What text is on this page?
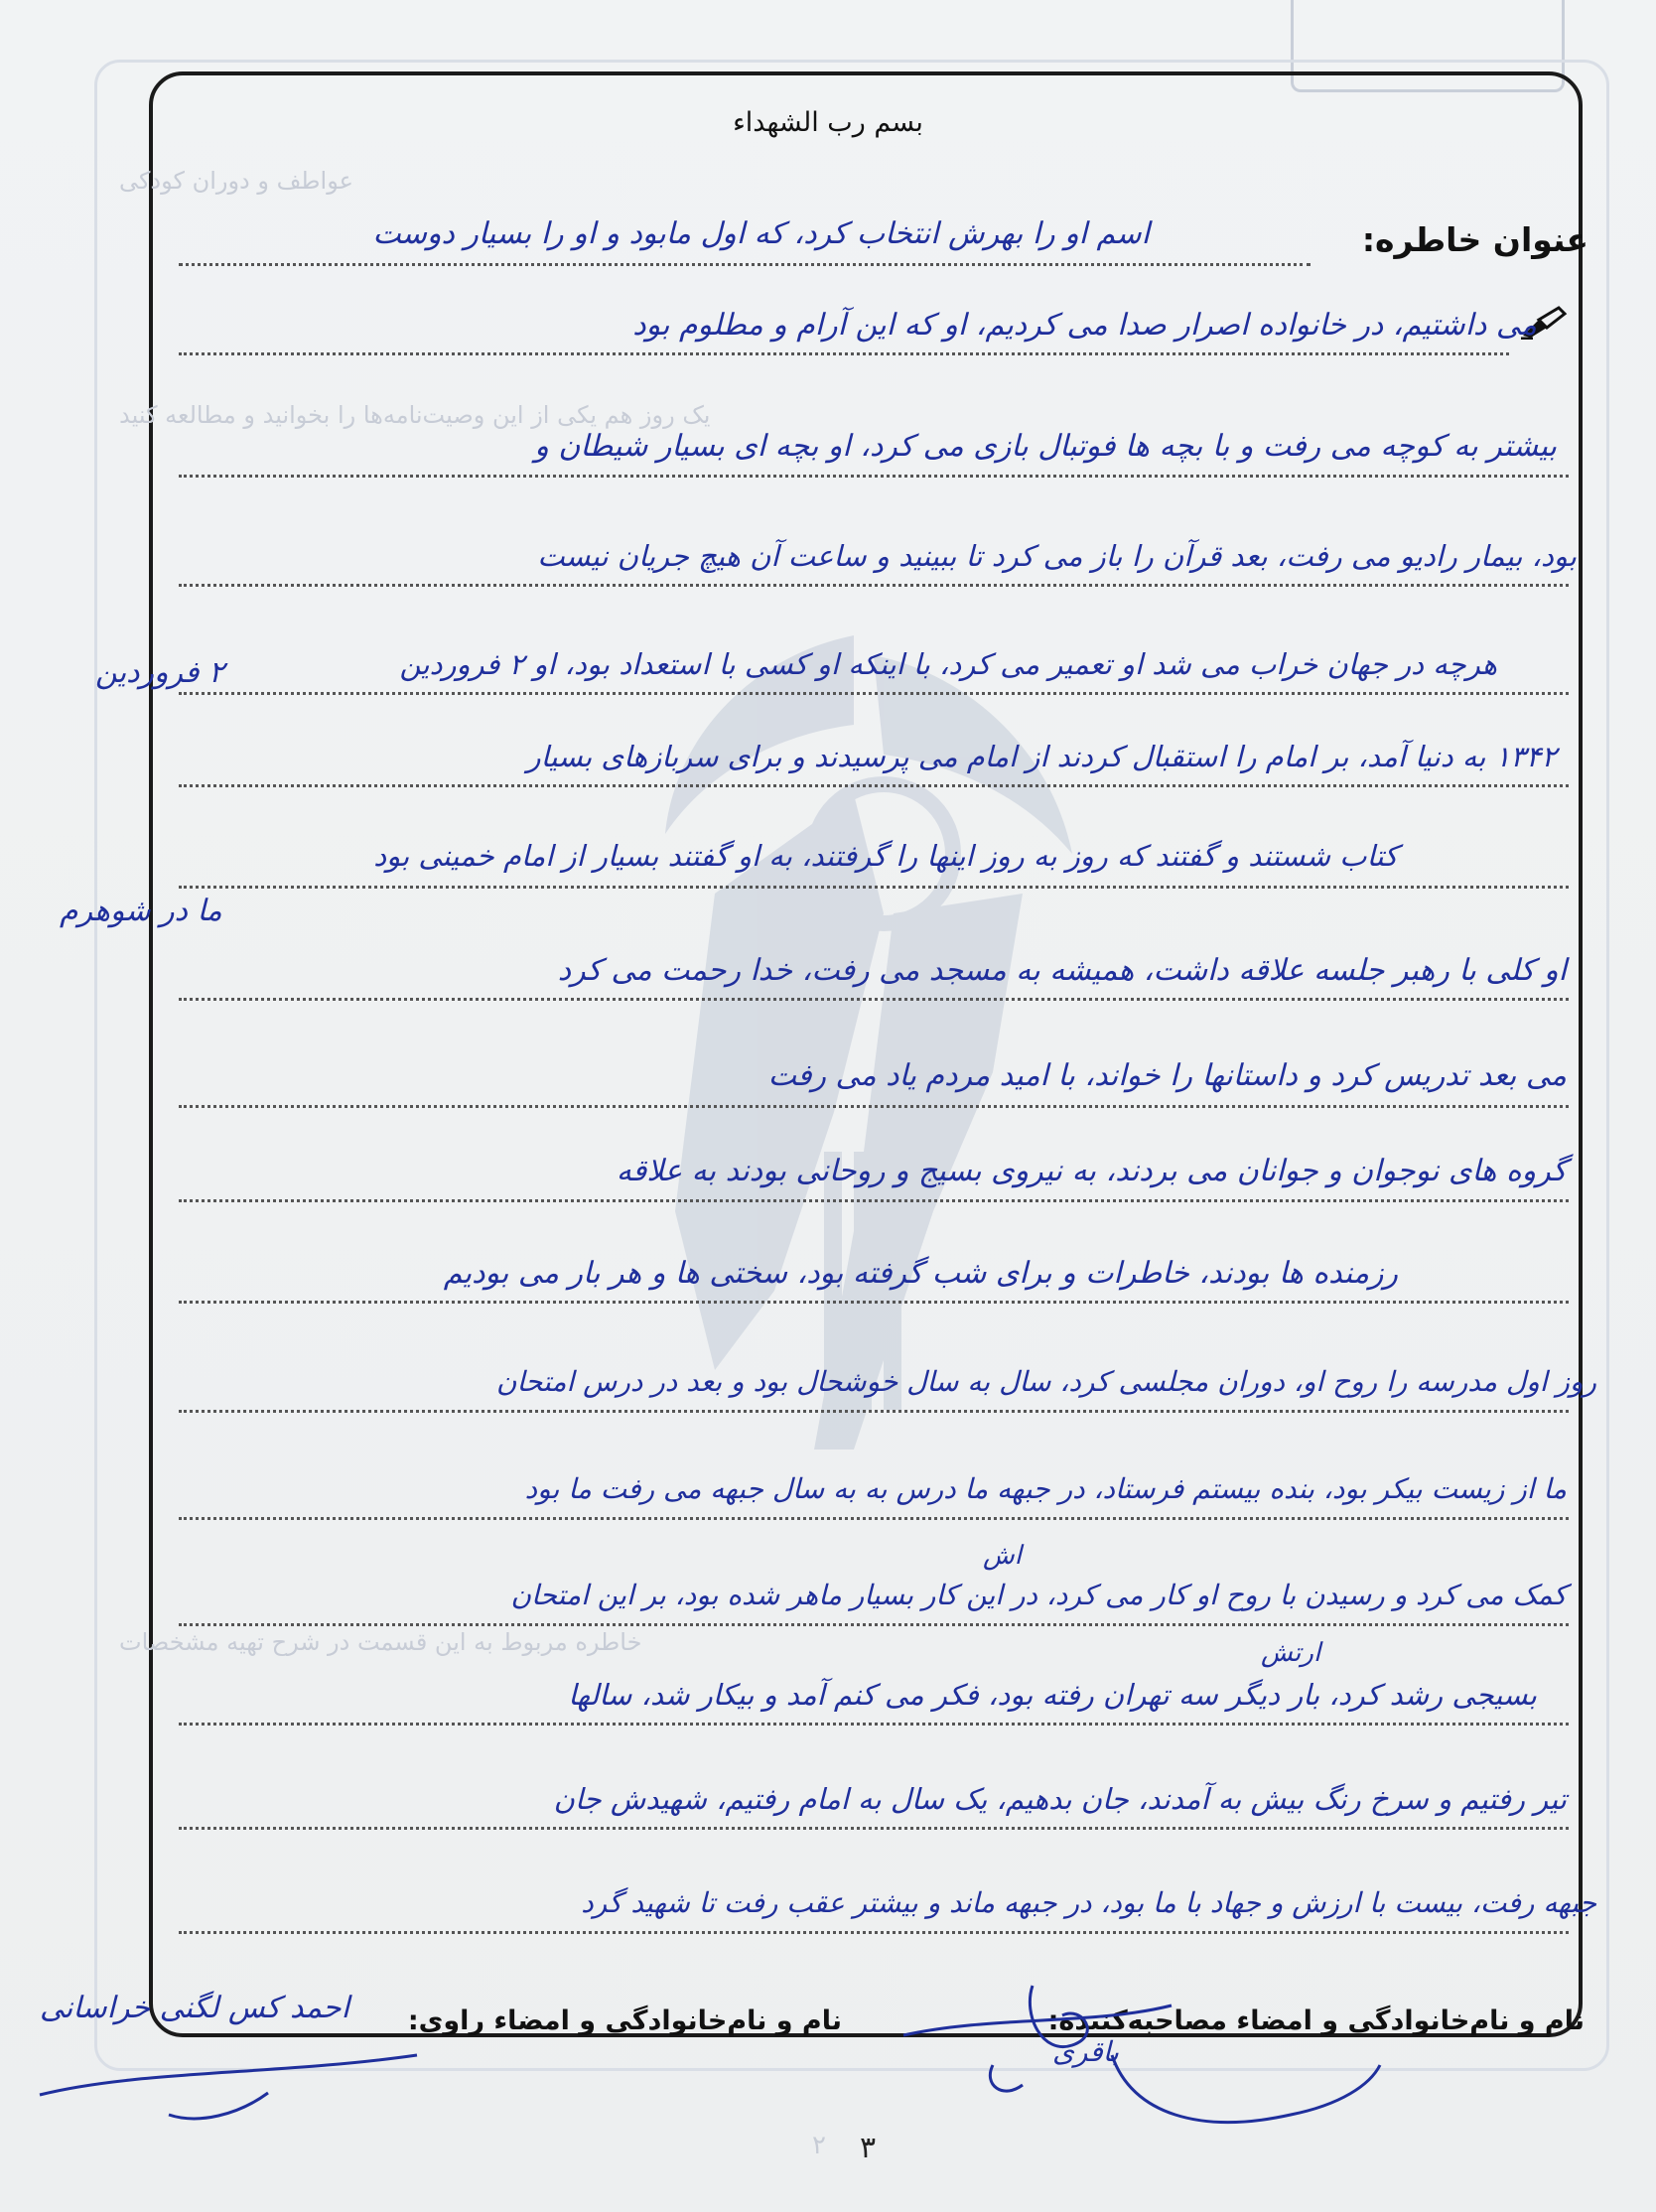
عواطف و دوران کودکی
یک روز هم یکی از این وصیت‌نامه‌ها را بخوانید و مطالعه کنید
خاطره مربوط به این قسمت در شرح تهیه مشخصات
بسم رب الشهداء
عنوان خاطره:
اسم او را بهرش انتخاب کرد، که اول مابود و او را بسیار دوست
می داشتیم، در خانواده اصرار صدا می کردیم، او که این آرام و مطلوم بود
بیشتر به کوچه می رفت و با بچه ها فوتبال بازی می کرد، او بچه ای بسیار شیطان و
بود، بیمار رادیو می رفت، بعد قرآن را باز می کرد تا ببینید و ساعت آن هیچ جریان نیست
هرچه در جهان خراب می شد او تعمیر می کرد، با اینکه او کسی با استعداد بود، او ۲ فروردین
۱۳۴۲ به دنیا آمد، بر امام را استقبال کردند از امام می پرسیدند و برای سربازهای بسیار
کتاب شستند و گفتند که روز به روز اینها را گرفتند، به او گفتند بسیار از امام خمینی بود
او کلی با رهبر جلسه علاقه داشت، همیشه به مسجد می رفت، خدا رحمت می کرد
می بعد تدریس کرد و داستانها را خواند، با امید مردم یاد می رفت
گروه های نوجوان و جوانان می بردند، به نیروی بسیج و روحانی بودند به علاقه
رزمنده ها بودند، خاطرات و برای شب گرفته بود، سختی ها و هر بار می بودیم
روز اول مدرسه را روح او، دوران مجلسی کرد، سال به سال خوشحال بود و بعد در درس امتحان
ما از زیست بیکر بود، بنده بیستم فرستاد، در جبهه ما درس به به سال جبهه می رفت ما بود
کمک می کرد و رسیدن با روح او کار می کرد، در این کار بسیار ماهر شده بود، بر این امتحان
بسیجی رشد کرد، بار دیگر سه تهران رفته بود، فکر می کنم آمد و بیکار شد، سالها
تیر رفتیم و سرخ رنگ بیش به آمدند، جان بدهیم، یک سال به امام رفتیم، شهیدش جان
جبهه رفت، بیست با ارزش و جهاد با ما بود، در جبهه ماند و بیشتر عقب رفت تا شهید گرد
۲ فروردین
ما در شوهرم
اش
ارتش
نام و نام‌خانوادگی و امضاء مصاحبه‌کننده:
نام و نام‌خانوادگی و امضاء راوی:
احمد کس لگنی خراسانی
باقری
۲ ۳
